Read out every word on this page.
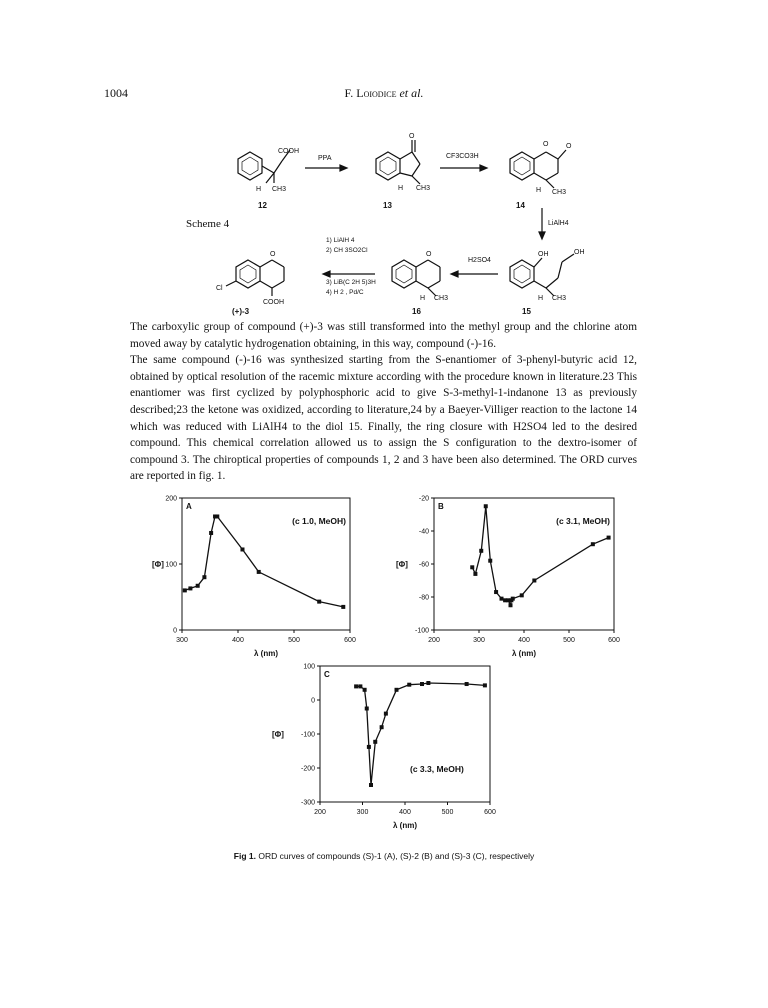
1004	F. Loiodice et al.
Scheme 4
COOH
H CH3
PPA
O
H CH3
CF3CO3H
O	O
H CH3
LiAlH4
OH	OH
H CH3
H2SO4
O
H CH3
1) LiAlH 4
2) CH 3SO2Cl
3) LiB(C 2H 5)3H
4) H 2 , Pd/C
O
Cl
COOH
12	13	14
15
16
(+)-3

The carboxylic group of compound (+)-3 was still transformed into the methyl group and the chlorine atom moved away by catalytic hydrogenation obtaining, in this way, compound (-)-16.

The same compound (-)-16 was synthesized starting from the S-enantiomer of 3-phenyl-butyric acid 12, obtained by optical resolution of the racemic mixture according with the procedure known in literature.23 This enantiomer was first cyclized by polyphosphoric acid to give S-3-methyl-1-indanone 13 as previously described;23 the ketone was oxidized, according to literature,24 by a Baeyer-Villiger reaction to the lactone 14 which was reduced with LiAlH4 to the diol 15. Finally, the ring closure with H2SO4 led to the desired compound. This chemical correlation allowed us to assign the S configuration to the dextro-isomer of compound 3. The chiroptical properties of compounds 1, 2 and 3 have been also determined. The ORD curves are reported in fig. 1.

0
100
200
300	400	500	600
[Φ]
λ (nm)
A
(c 1.0, MeOH)
-100
-80
-60
-40
-20
200	300	400	500	600
[Φ]
λ (nm)
B
(c 3.1, MeOH)
-300
-200
-100
0
100
200	300	400	500	600
[Φ]
λ (nm)
C
(c 3.3, MeOH)
Fig 1. ORD curves of compounds (S)-1 (A), (S)-2 (B) and (S)-3 (C), respectively
